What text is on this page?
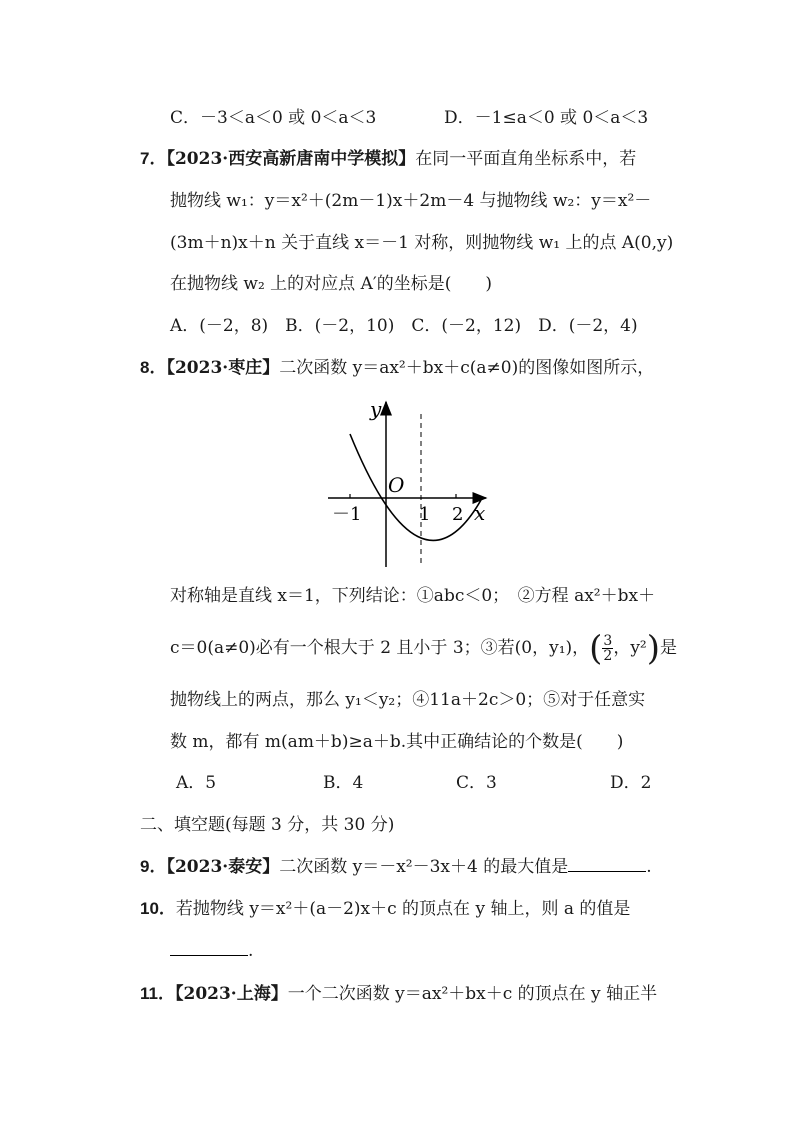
C．－3＜a＜0 或 0＜a＜3	D．－1≤a＜0 或 0＜a＜3
7．【2023·西安高新唐南中学模拟】在同一平面直角坐标系中，若
抛物线 w₁：y＝x²＋(2m－1)x＋2m－4 与抛物线 w₂：y＝x²－
(3m＋n)x＋n 关于直线 x＝－1 对称，则抛物线 w₁ 上的点 A(0,y)
在抛物线 w₂ 上的对应点 A′的坐标是(　　)
A．(－2，8)　B．(－2，10)　C．(－2，12)　D．(－2，4)
8．【2023·枣庄】二次函数 y＝ax²＋bx＋c(a≠0)的图像如图所示，
y
O
x
－1	1 2
对称轴是直线 x＝1，下列结论：①abc＜0；　②方程 ax²＋bx＋
c＝0(a≠0)必有一个根大于 2 且小于 3；③若(0，y₁)，( $\frac{3}{2}$ ，y²)是
抛物线上的两点，那么 y₁＜y₂；④11a＋2c＞0；⑤对于任意实
数 m，都有 m(am＋b)≥a＋b.其中正确结论的个数是(　　)
A．5	B．4	C．3	D．2
二、填空题(每题 3 分，共 30 分)
9．【2023·泰安】二次函数 y＝－x²－3x＋4 的最大值是	.
10．若抛物线 y＝x²＋(a－2)x＋c 的顶点在 y 轴上，则 a 的值是
.
11．【2023·上海】一个二次函数 y＝ax²＋bx＋c 的顶点在 y 轴正半
